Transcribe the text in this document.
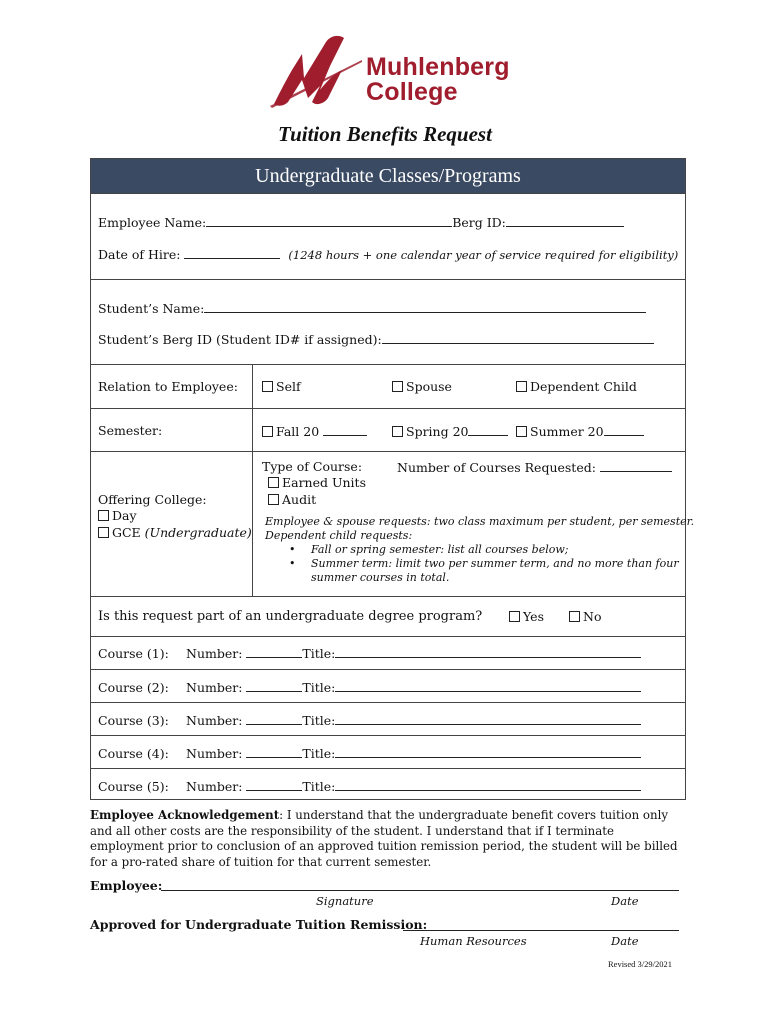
Muhlenberg
College
Tuition Benefits Request
Undergraduate Classes/Programs
Employee Name:	Berg ID:
Date of Hire:	(1248 hours + one calendar year of service required for eligibility)
Student’s Name:
Student’s Berg ID (Student ID# if assigned):
Relation to Employee:	Self	Spouse	Dependent Child
Semester:	Fall 20	Spring 20	Summer 20
Offering College:
Day
GCE (Undergraduate)
Type of Course:	Number of Courses Requested:
Earned Units
Audit
Employee & spouse requests: two class maximum per student, per semester.
Dependent child requests:
• Fall or spring semester: list all courses below;
• Summer term: limit two per summer term, and no more than four
summer courses in total.
Is this request part of an undergraduate degree program?	Yes	No
Course (1): Number:	Title:
Course (2): Number:	Title:
Course (3): Number:	Title:
Course (4): Number:	Title:
Course (5): Number:	Title:
Employee Acknowledgement: I understand that the undergraduate benefit covers tuition only and all other costs are the responsibility of the student. I understand that if I terminate employment prior to conclusion of an approved tuition remission period, the student will be billed for a pro-rated share of tuition for that current semester.
Employee:
Signature	Date
Approved for Undergraduate Tuition Remission:
Human Resources	Date
Revised 3/29/2021
